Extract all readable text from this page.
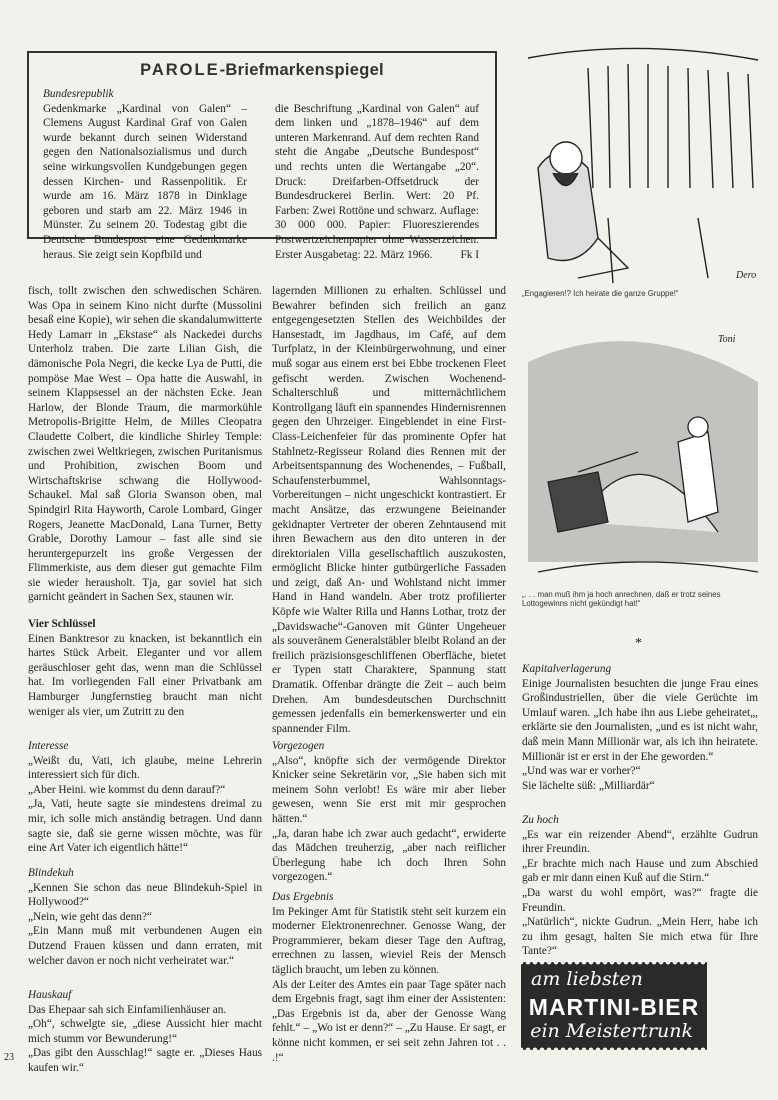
PAROLE-Briefmarkenspiegel

Bundesrepublik

Gedenkmarke „Kardinal von Galen“ – Clemens August Kardinal Graf von Galen wurde bekannt durch seinen Widerstand gegen den Nationalsozialismus und durch seine wirkungsvollen Kundgebungen gegen dessen Kirchen- und Rassenpolitik. Er wurde am 16. März 1878 in Dinklage geboren und starb am 22. März 1946 in Münster. Zu seinem 20. Todestag gibt die Deutsche Bundespost eine Gedenkmarke heraus. Sie zeigt sein Kopfbild und

die Beschriftung „Kardinal von Galen“ auf dem linken und „1878–1946“ auf dem unteren Markenrand. Auf dem rechten Rand steht die Angabe „Deutsche Bundespost“ und rechts unten die Wertangabe „20“. Druck: Dreifarben-Offsetdruck der Bundesdruckerei Berlin. Wert: 20 Pf. Farben: Zwei Rottöne und schwarz. Auflage: 30 000 000. Papier: Fluoreszierendes Postwertzeichenpapier ohne Wasserzeichen. Erster Ausgabetag: 22. März 1966.	Fk I

Dero
„Engagieren!? Ich heirate die ganze Gruppe!“
Toni
„. . . man muß ihm ja hoch anrechnen, daß er trotz seines Lottogewinns nicht gekündigt hat!“

fisch, tollt zwischen den schwedischen Schären. Was Opa in seinem Kino nicht durfte (Mussolini besaß eine Kopie), wir sehen die skandalumwitterte Hedy Lamarr in „Ekstase“ als Nackedei durchs Unterholz traben. Die zarte Lilian Gish, die dämonische Pola Negri, die kecke Lya de Putti, die pompöse Mae West – Opa hatte die Auswahl, in seinem Klappsessel an der nächsten Ecke. Jean Harlow, der Blonde Traum, die marmorkühle Metropolis-Brigitte Helm, de Milles Cleopatra Claudette Colbert, die kindliche Shirley Temple: zwischen zwei Weltkriegen, zwischen Puritanismus und Prohibition, zwischen Boom und Wirtschaftskrise schwang die Hollywood-Schaukel. Mal saß Gloria Swanson oben, mal Spindgirl Rita Hayworth, Carole Lombard, Ginger Rogers, Jeanette MacDonald, Lana Turner, Betty Grable, Dorothy Lamour – fast alle sind sie heruntergepurzelt ins große Vergessen der Flimmerkiste, aus dem dieser gut gemachte Film sie wieder herausholt. Tja, gar soviel hat sich garnicht geändert in Sachen Sex, staunen wir.

Vier Schlüssel

Einen Banktresor zu knacken, ist bekanntlich ein hartes Stück Arbeit. Eleganter und vor allem geräuschloser geht das, wenn man die Schlüssel hat. Im vorliegenden Fall einer Privatbank am Hamburger Jungfernstieg braucht man nicht weniger als vier, um Zutritt zu den

lagernden Millionen zu erhalten. Schlüssel und Bewahrer befinden sich freilich an ganz entgegengesetzten Stellen des Weichbildes der Hansestadt, im Jagdhaus, im Café, auf dem Turfplatz, in der Kleinbürgerwohnung, und einer muß sogar aus einem erst bei Ebbe trockenen Fleet gefischt werden. Zwischen Wochenend-Schalterschluß und mitternächtlichem Kontrollgang läuft ein spannendes Hindernisrennen gegen den Uhrzeiger. Eingeblendet in eine First-Class-Leichenfeier für das prominente Opfer hat Stahlnetz-Regisseur Roland dies Rennen mit der Arbeitsentspannung des Wochenendes, – Fußball, Schaufensterbummel, Wahlsonntags-Vorbereitungen – nicht ungeschickt kontrastiert. Er macht Ansätze, das erzwungene Beieinander gekidnapter Vertreter der oberen Zehntausend mit ihren Bewachern aus den dito unteren in der direktorialen Villa gesellschaftlich auszukosten, ermöglicht Blicke hinter gutbürgerliche Fassaden und zeigt, daß An- und Wohlstand nicht immer Hand in Hand wandeln. Aber trotz profilierter Köpfe wie Walter Rilla und Hanns Lothar, trotz der „Davidswache“-Ganoven mit Günter Ungeheuer als souveränem Generalstäbler bleibt Roland an der freilich präzisionsgeschliffenen Oberfläche, bietet er Typen statt Charaktere, Spannung statt Dramatik. Offenbar drängte die Zeit – auch beim Drehen. Am bundesdeutschen Durchschnitt gemessen jedenfalls ein bemerkenswerter und ein spannender Film.

Interesse

„Weißt du, Vati, ich glaube, meine Lehrerin interessiert sich für dich.

„Aber Heini. wie kommst du denn darauf?“

„Ja, Vati, heute sagte sie mindestens dreimal zu mir, ich solle mich anständig betragen. Und dann sagte sie, daß sie gerne wissen möchte, was für eine Art Vater ich eigentlich hätte!“

Blindekuh

„Kennen Sie schon das neue Blindekuh-Spiel in Hollywood?“

„Nein, wie geht das denn?“

„Ein Mann muß mit verbundenen Augen ein Dutzend Frauen küssen und dann erraten, mit welcher davon er noch nicht verheiratet war.“

Hauskauf

Das Ehepaar sah sich Einfamilienhäuser an.

„Oh“, schwelgte sie, „diese Aussicht hier macht mich stumm vor Bewunderung!“

„Das gibt den Ausschlag!“ sagte er. „Dieses Haus kaufen wir.“

23

Vorgezogen

„Also“, knöpfte sich der vermögende Direktor Knicker seine Sekretärin vor, „Sie haben sich mit meinem Sohn verlobt! Es wäre mir aber lieber gewesen, wenn Sie erst mit mir gesprochen hätten.“

„Ja, daran habe ich zwar auch gedacht“, erwiderte das Mädchen treuherzig, „aber nach reiflicher Überlegung habe ich doch Ihren Sohn vorgezogen.“

Das Ergebnis

Im Pekinger Amt für Statistik steht seit kurzem ein moderner Elektronenrechner. Genosse Wang, der Programmierer, bekam dieser Tage den Auftrag, errechnen zu lassen, wieviel Reis der Mensch täglich braucht, um leben zu können.

Als der Leiter des Amtes ein paar Tage später nach dem Ergebnis fragt, sagt ihm einer der Assistenten: „Das Ergebnis ist da, aber der Genosse Wang fehlt.“ – „Wo ist er denn?“ – „Zu Hause. Er sagt, er könne nicht kommen, er sei seit zehn Jahren tot . . .!“

*

Kapitalverlagerung

Einige Journalisten besuchten die junge Frau eines Großindustriellen, über die viele Gerüchte im Umlauf waren. „Ich habe ihn aus Liebe geheiratet„, erklärte sie den Journalisten, „und es ist nicht wahr, daß mein Mann Millionär war, als ich ihn heiratete. Millionär ist er erst in der Ehe geworden.“

„Und was war er vorher?“

Sie lächelte süß: „Milliardär“

Zu hoch

„Es war ein reizender Abend“, erzählte Gudrun ihrer Freundin.

„Er brachte mich nach Hause und zum Abschied gab er mir dann einen Kuß auf die Stirn.“

„Da warst du wohl empört, was?“ fragte die Freundin.

„Natürlich“, nickte Gudrun. „Mein Herr, habe ich zu ihm gesagt, halten Sie mich etwa für Ihre Tante?“

am liebsten
MARTINI-BIER
ein Meistertrunk
